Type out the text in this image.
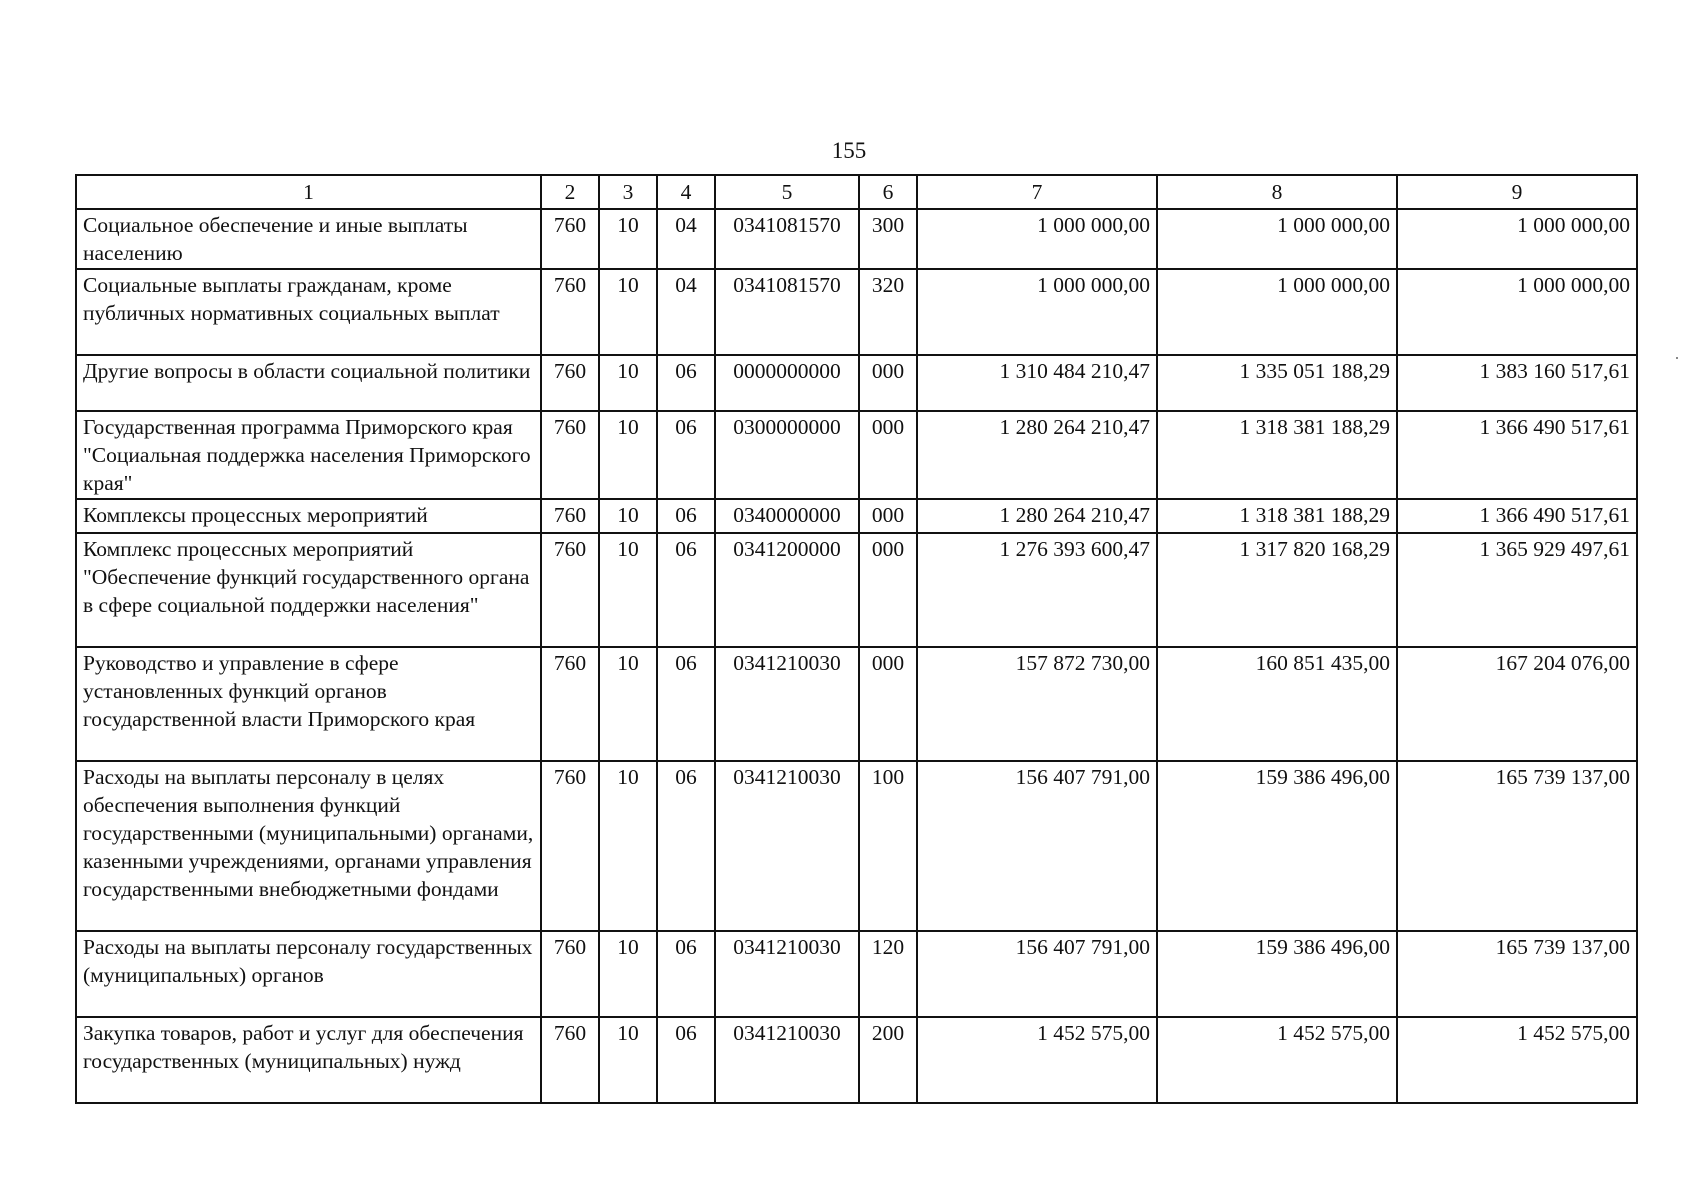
155
1	2	3	4	5	6	7	8	9
Социальное обеспечение и иные выплаты населению	760	10	04	0341081570	300	1 000 000,00	1 000 000,00	1 000 000,00
Социальные выплаты гражданам, кроме публичных нормативных социальных выплат	760	10	04	0341081570	320	1 000 000,00	1 000 000,00	1 000 000,00
Другие вопросы в области социальной политики	760	10	06	0000000000	000	1 310 484 210,47	1 335 051 188,29	1 383 160 517,61
Государственная программа Приморского края "Социальная поддержка населения Приморского края"	760	10	06	0300000000	000	1 280 264 210,47	1 318 381 188,29	1 366 490 517,61
Комплексы процессных мероприятий	760	10	06	0340000000	000	1 280 264 210,47	1 318 381 188,29	1 366 490 517,61
Комплекс процессных мероприятий "Обеспечение функций государственного органа в сфере социальной поддержки населения"	760	10	06	0341200000	000	1 276 393 600,47	1 317 820 168,29	1 365 929 497,61
Руководство и управление в сфере установленных функций органов государственной власти Приморского края	760	10	06	0341210030	000	157 872 730,00	160 851 435,00	167 204 076,00
Расходы на выплаты персоналу в целях обеспечения выполнения функций государственными (муниципальными) органами, казенными учреждениями, органами управления государственными внебюджетными фондами	760	10	06	0341210030	100	156 407 791,00	159 386 496,00	165 739 137,00
Расходы на выплаты персоналу государственных (муниципальных) органов	760	10	06	0341210030	120	156 407 791,00	159 386 496,00	165 739 137,00
Закупка товаров, работ и услуг для обеспечения государственных (муниципальных) нужд	760	10	06	0341210030	200	1 452 575,00	1 452 575,00	1 452 575,00
